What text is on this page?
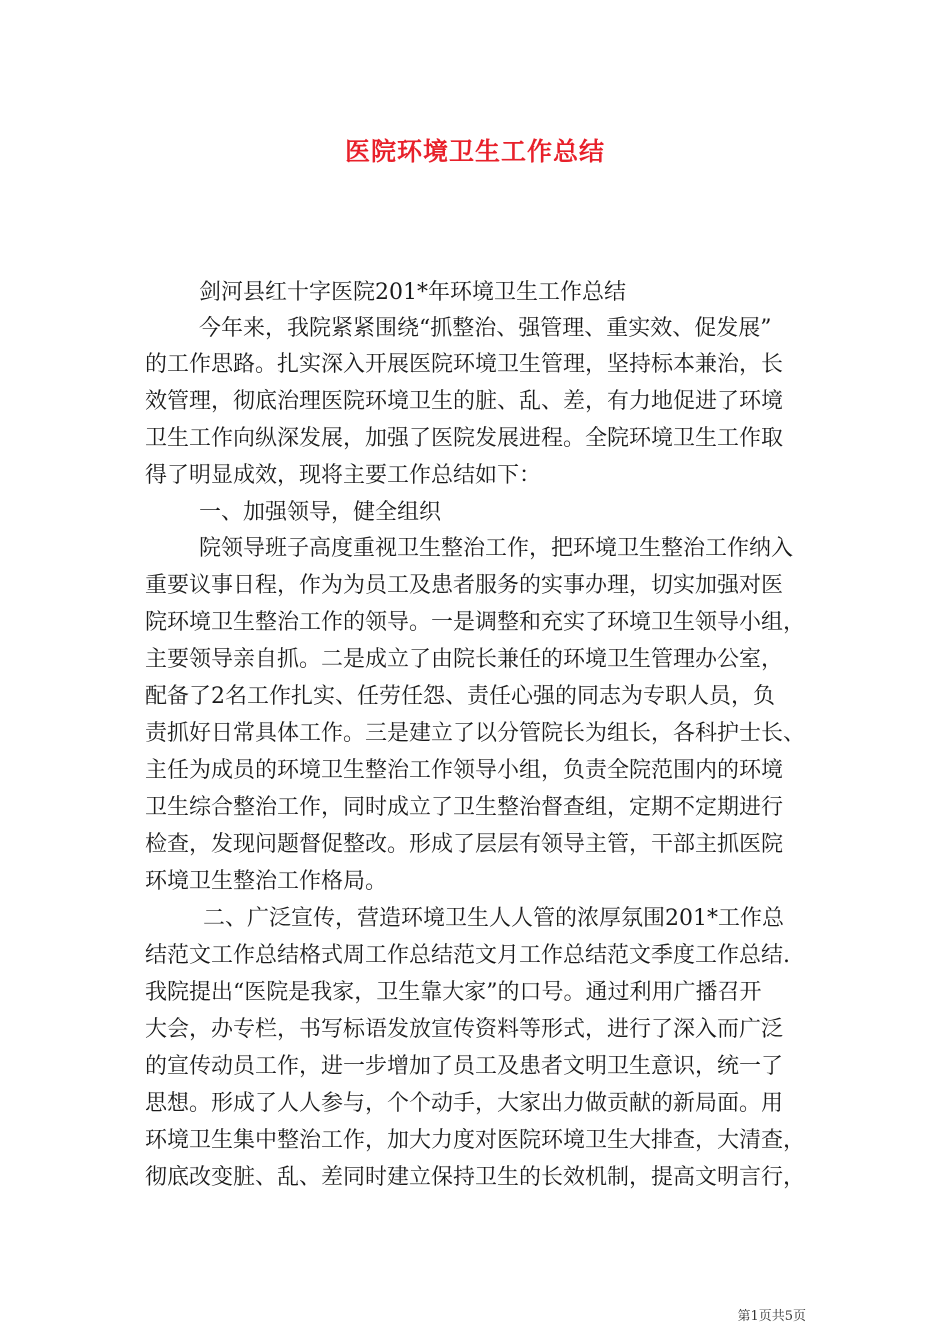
医院环境卫生工作总结
剑河县红十字医院201*年环境卫生工作总结
今年来，我院紧紧围绕“抓整治、强管理、重实效、促发展”
的工作思路。扎实深入开展医院环境卫生管理，坚持标本兼治，长
效管理，彻底治理医院环境卫生的脏、乱、差，有力地促进了环境
卫生工作向纵深发展，加强了医院发展进程。全院环境卫生工作取
得了明显成效，现将主要工作总结如下：
一、加强领导，健全组织
院领导班子高度重视卫生整治工作，把环境卫生整治工作纳入
重要议事日程，作为为员工及患者服务的实事办理，切实加强对医
院环境卫生整治工作的领导。一是调整和充实了环境卫生领导小组，
主要领导亲自抓。二是成立了由院长兼任的环境卫生管理办公室，
配备了2名工作扎实、任劳任怨、责任心强的同志为专职人员，负
责抓好日常具体工作。三是建立了以分管院长为组长，各科护士长、
主任为成员的环境卫生整治工作领导小组，负责全院范围内的环境
卫生综合整治工作，同时成立了卫生整治督查组，定期不定期进行
检查，发现问题督促整改。形成了层层有领导主管，干部主抓医院
环境卫生整治工作格局。
二、广泛宣传，营造环境卫生人人管的浓厚氛围201*工作总
结范文工作总结格式周工作总结范文月工作总结范文季度工作总结.
我院提出“医院是我家，卫生靠大家”的口号。通过利用广播召开
大会，办专栏，书写标语发放宣传资料等形式，进行了深入而广泛
的宣传动员工作，进一步增加了员工及患者文明卫生意识，统一了
思想。形成了人人参与，个个动手，大家出力做贡献的新局面。用
环境卫生集中整治工作，加大力度对医院环境卫生大排查，大清查，
彻底改变脏、乱、差同时建立保持卫生的长效机制，提高文明言行，
第1页共5页
